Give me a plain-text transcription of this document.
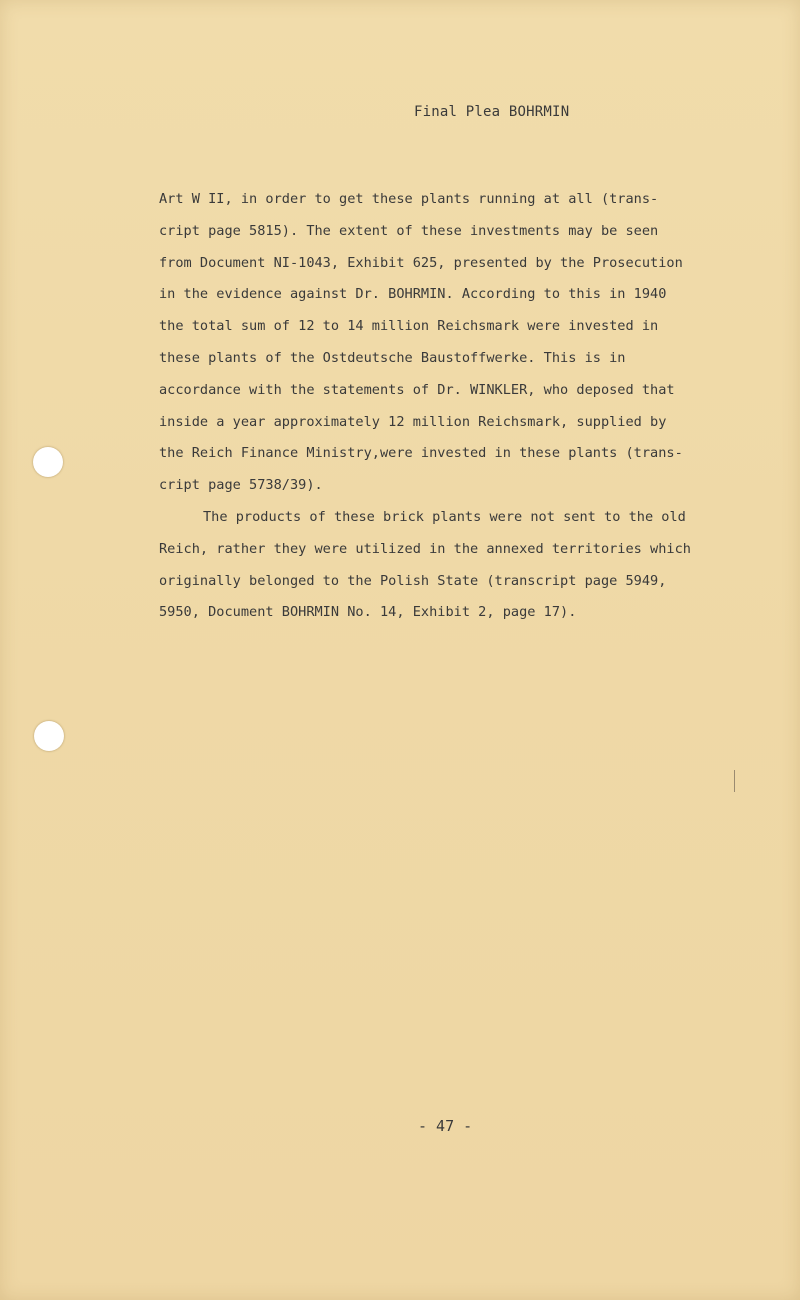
Final Plea BOHRMIN
Art W II, in order to get these plants running at all (trans-
cript page 5815). The extent of these investments may be seen
from Document NI-1043, Exhibit 625, presented by the Prosecution
in the evidence against Dr. BOHRMIN. According to this in 1940
the total sum of 12 to 14 million Reichsmark were invested in
these plants of the Ostdeutsche Baustoffwerke. This is in
accordance with the statements of Dr. WINKLER, who deposed that
inside a year approximately 12 million Reichsmark, supplied by
the Reich Finance Ministry,were invested in these plants (trans-
cript page 5738/39).
The products of these brick plants were not sent to the old
Reich, rather they were utilized in the annexed territories which
originally belonged to the Polish State (transcript page 5949,
5950, Document BOHRMIN No. 14, Exhibit 2, page 17).
- 47 -
